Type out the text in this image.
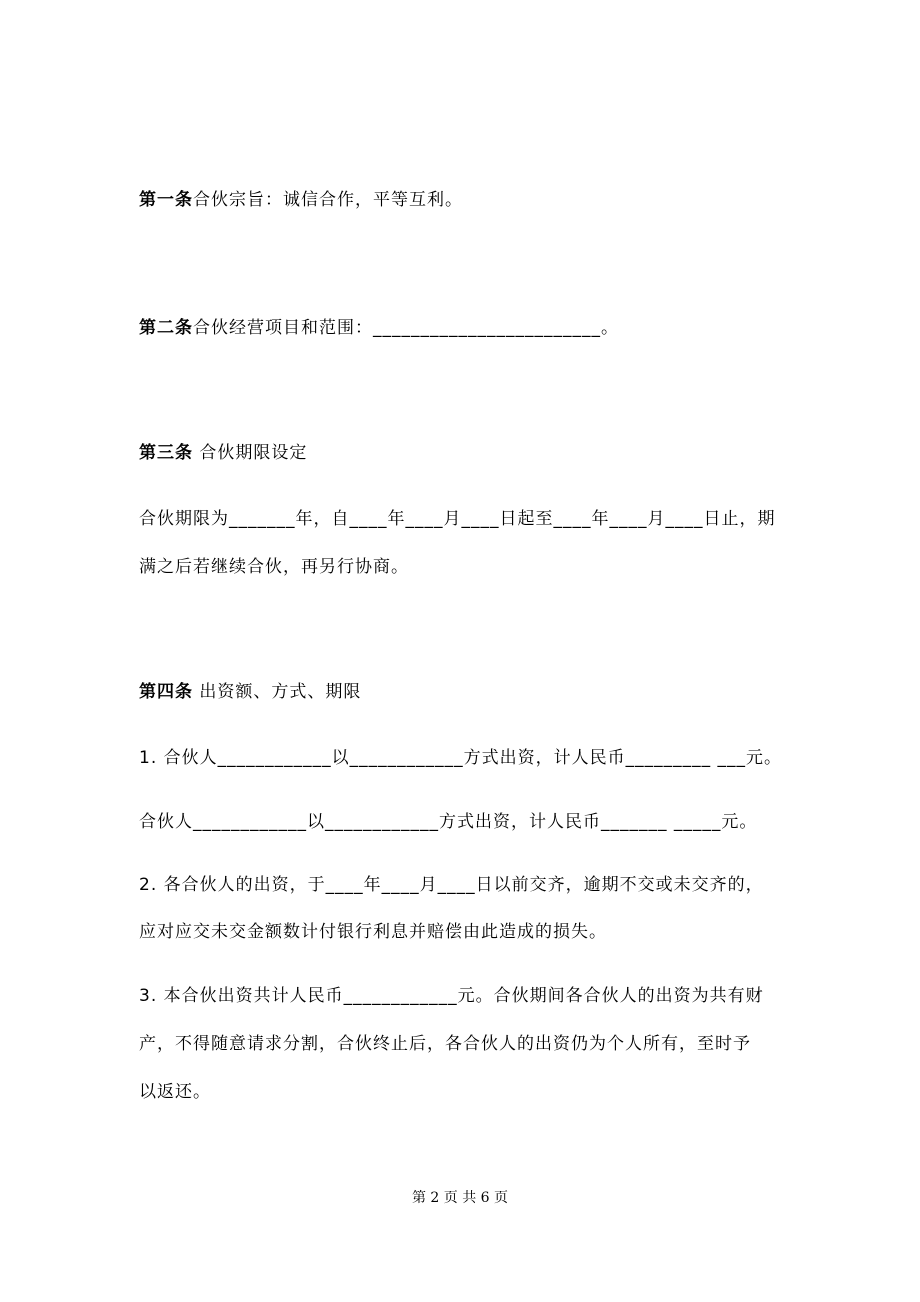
第一条合伙宗旨：诚信合作，平等互利。
第二条合伙经营项目和范围：________________________。
第三条 合伙期限设定
合伙期限为_______年，自____年____月____日起至____年____月____日止，期
满之后若继续合伙，再另行协商。
第四条 出资额、方式、期限
1. 合伙人____________以____________方式出资，计人民币_________ ___元。
合伙人____________以____________方式出资，计人民币_______ _____元。
2. 各合伙人的出资，于____年____月____日以前交齐，逾期不交或未交齐的，
应对应交未交金额数计付银行利息并赔偿由此造成的损失。
3. 本合伙出资共计人民币____________元。合伙期间各合伙人的出资为共有财
产，不得随意请求分割，合伙终止后，各合伙人的出资仍为个人所有，至时予
以返还。
第 2 页 共 6 页
